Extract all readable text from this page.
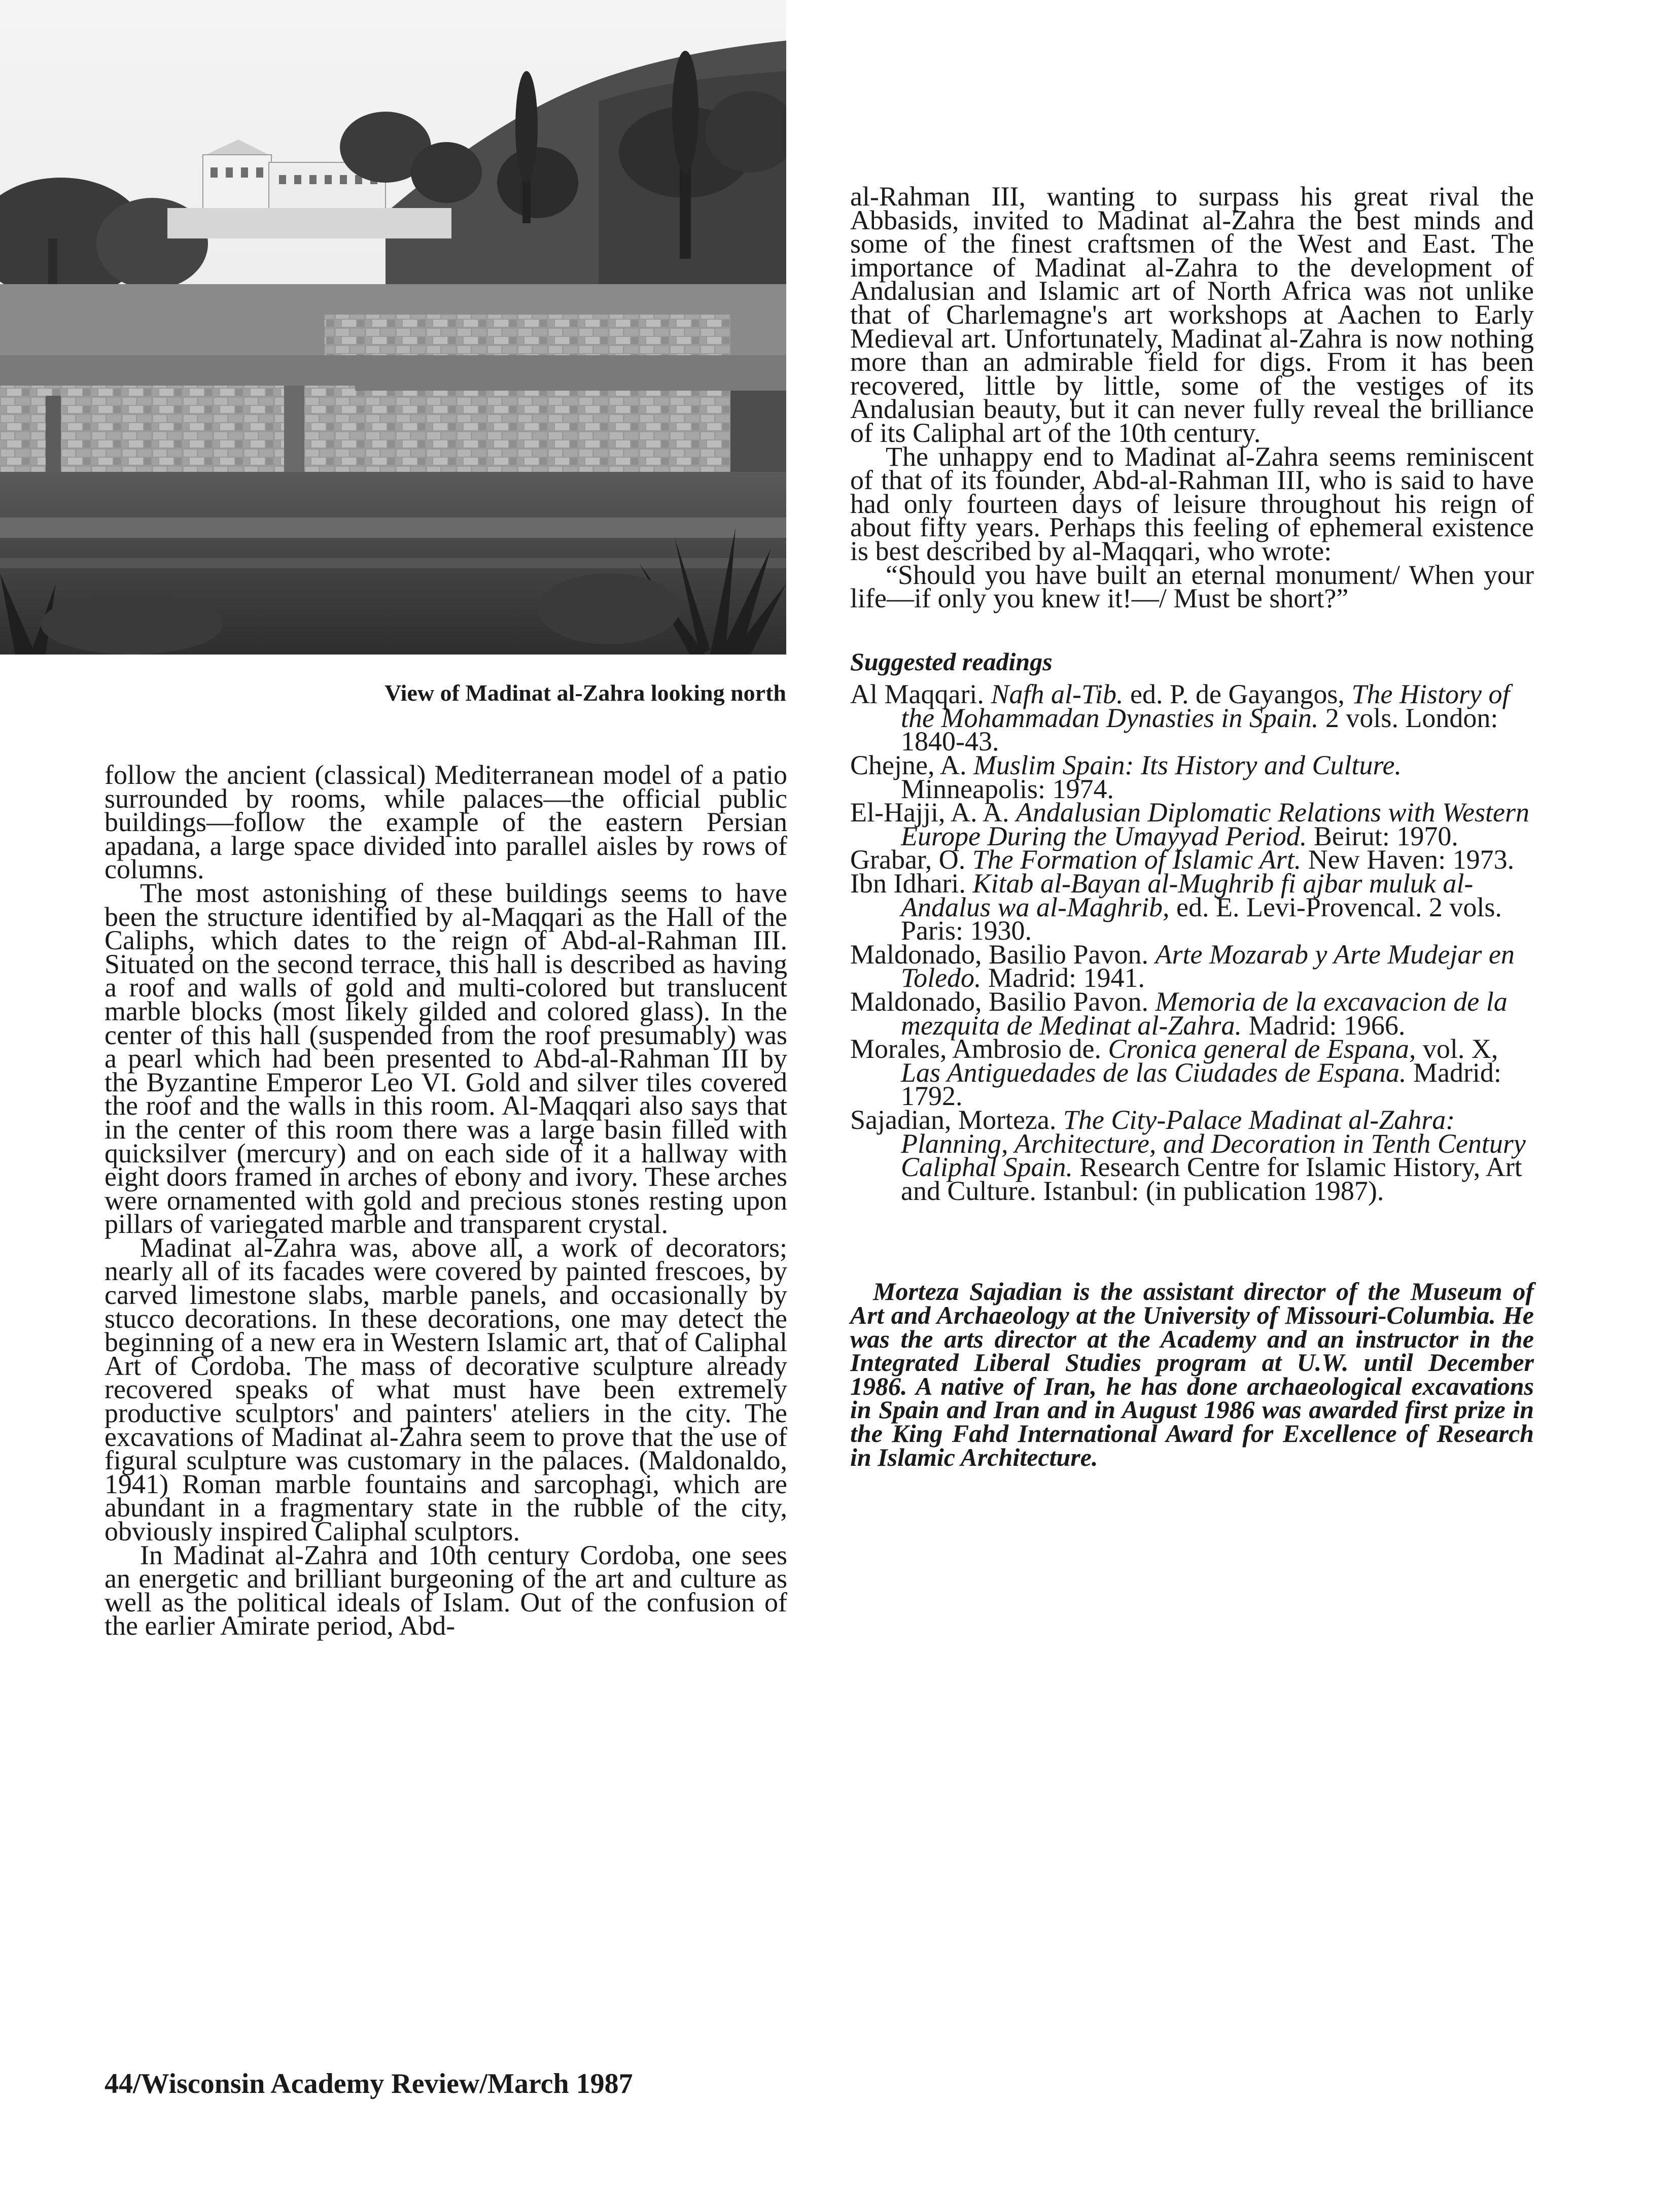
View of Madinat al-Zahra looking north

follow the ancient (classical) Mediterranean model of a patio surrounded by rooms, while palaces—the official public buildings—follow the example of the eastern Persian apadana, a large space divided into parallel aisles by rows of columns.

The most astonishing of these buildings seems to have been the structure identified by al-Maqqari as the Hall of the Caliphs, which dates to the reign of Abd-al-Rahman III. Situated on the second terrace, this hall is described as having a roof and walls of gold and multi-colored but translucent marble blocks (most likely gilded and colored glass). In the center of this hall (suspended from the roof presumably) was a pearl which had been presented to Abd-al-Rahman III by the Byzantine Emperor Leo VI. Gold and silver tiles covered the roof and the walls in this room. Al-Maqqari also says that in the center of this room there was a large basin filled with quicksilver (mercury) and on each side of it a hallway with eight doors framed in arches of ebony and ivory. These arches were ornamented with gold and precious stones resting upon pillars of variegated marble and transparent crystal.

Madinat al-Zahra was, above all, a work of decorators; nearly all of its facades were covered by painted frescoes, by carved limestone slabs, marble panels, and occasionally by stucco decorations. In these decorations, one may detect the beginning of a new era in Western Islamic art, that of Caliphal Art of Cordoba. The mass of decorative sculpture already recovered speaks of what must have been extremely productive sculptors' and painters' ateliers in the city. The excavations of Madinat al-Zahra seem to prove that the use of figural sculpture was customary in the palaces. (Maldonaldo, 1941) Roman marble fountains and sarcophagi, which are abundant in a fragmentary state in the rubble of the city, obviously inspired Caliphal sculptors.

In Madinat al-Zahra and 10th century Cordoba, one sees an energetic and brilliant burgeoning of the art and culture as well as the political ideals of Islam. Out of the confusion of the earlier Amirate period, Abd-

al-Rahman III, wanting to surpass his great rival the Abbasids, invited to Madinat al-Zahra the best minds and some of the finest craftsmen of the West and East. The importance of Madinat al-Zahra to the development of Andalusian and Islamic art of North Africa was not unlike that of Charlemagne's art workshops at Aachen to Early Medieval art. Unfortunately, Madinat al-Zahra is now nothing more than an admirable field for digs. From it has been recovered, little by little, some of the vestiges of its Andalusian beauty, but it can never fully reveal the brilliance of its Caliphal art of the 10th century.

The unhappy end to Madinat al-Zahra seems reminiscent of that of its founder, Abd-al-Rahman III, who is said to have had only fourteen days of leisure throughout his reign of about fifty years. Perhaps this feeling of ephemeral existence is best described by al-Maqqari, who wrote:

“Should you have built an eternal monument/ When your life—if only you knew it!—/ Must be short?”

Suggested readings

Al Maqqari. Nafh al-Tib. ed. P. de Gayangos, The History of the Mohammadan Dynasties in Spain. 2 vols. London: 1840-43.

Chejne, A. Muslim Spain: Its History and Culture. Minneapolis: 1974.

El-Hajji, A. A. Andalusian Diplomatic Relations with Western Europe During the Umayyad Period. Beirut: 1970.

Grabar, O. The Formation of Islamic Art. New Haven: 1973.

Ibn Idhari. Kitab al-Bayan al-Mughrib fi ajbar muluk al-Andalus wa al-Maghrib, ed. E. Levi-Provencal. 2 vols. Paris: 1930.

Maldonado, Basilio Pavon. Arte Mozarab y Arte Mudejar en Toledo. Madrid: 1941.

Maldonado, Basilio Pavon. Memoria de la excavacion de la mezquita de Medinat al-Zahra. Madrid: 1966.

Morales, Ambrosio de. Cronica general de Espana, vol. X, Las Antiguedades de las Ciudades de Espana. Madrid: 1792.

Sajadian, Morteza. The City-Palace Madinat al-Zahra: Planning, Architecture, and Decoration in Tenth Century Caliphal Spain. Research Centre for Islamic History, Art and Culture. Istanbul: (in publication 1987).

Morteza Sajadian is the assistant director of the Museum of Art and Archaeology at the University of Missouri-Columbia. He was the arts director at the Academy and an instructor in the Integrated Liberal Studies program at U.W. until December 1986. A native of Iran, he has done archaeological excavations in Spain and Iran and in August 1986 was awarded first prize in the King Fahd International Award for Excellence of Research in Islamic Architecture.

44/Wisconsin Academy Review/March 1987
